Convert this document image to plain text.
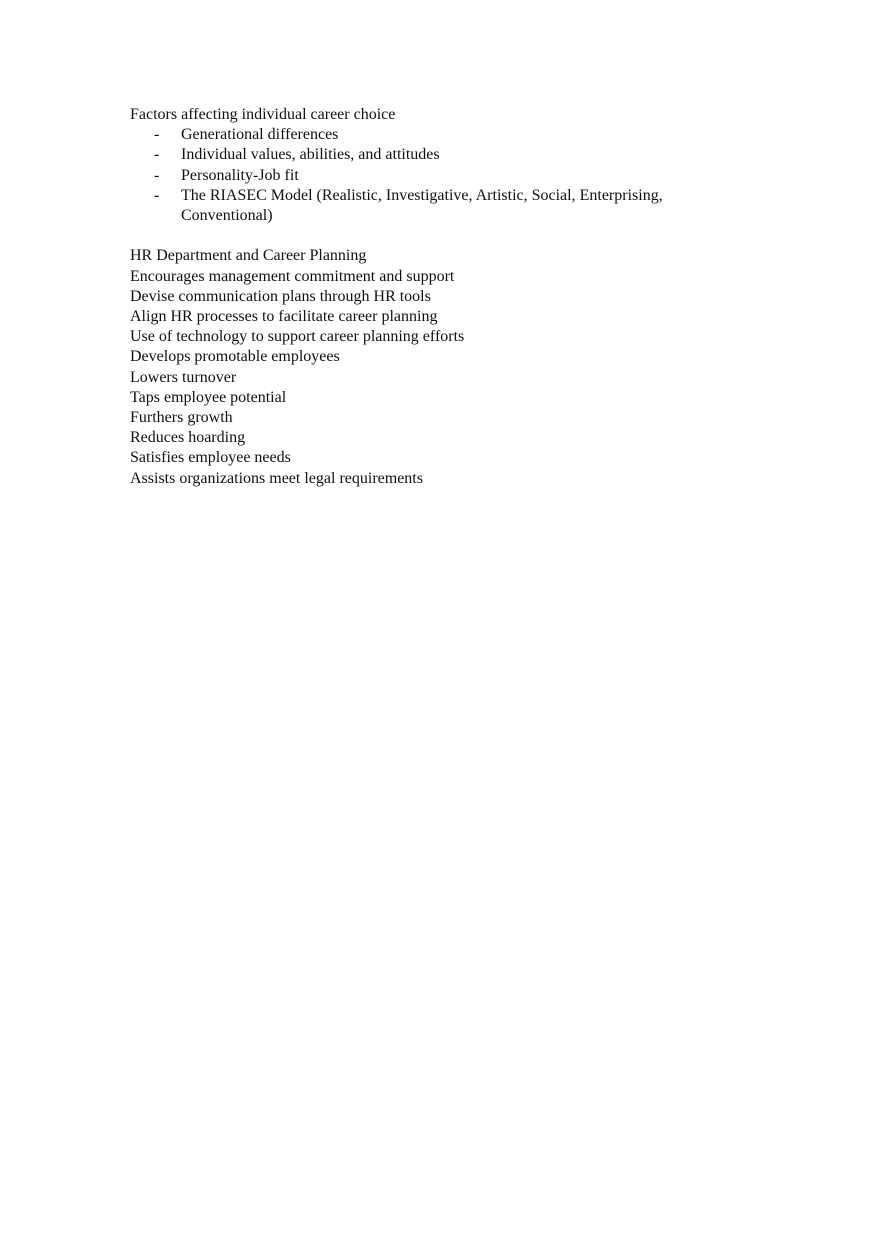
Factors affecting individual career choice

- Generational differences
- Individual values, abilities, and attitudes
- Personality-Job fit
- The RIASEC Model (Realistic, Investigative, Artistic, Social, Enterprising, Conventional)

HR Department and Career Planning

Encourages management commitment and support

Devise communication plans through HR tools

Align HR processes to facilitate career planning

Use of technology to support career planning efforts

Develops promotable employees

Lowers turnover

Taps employee potential

Furthers growth

Reduces hoarding

Satisfies employee needs

Assists organizations meet legal requirements
